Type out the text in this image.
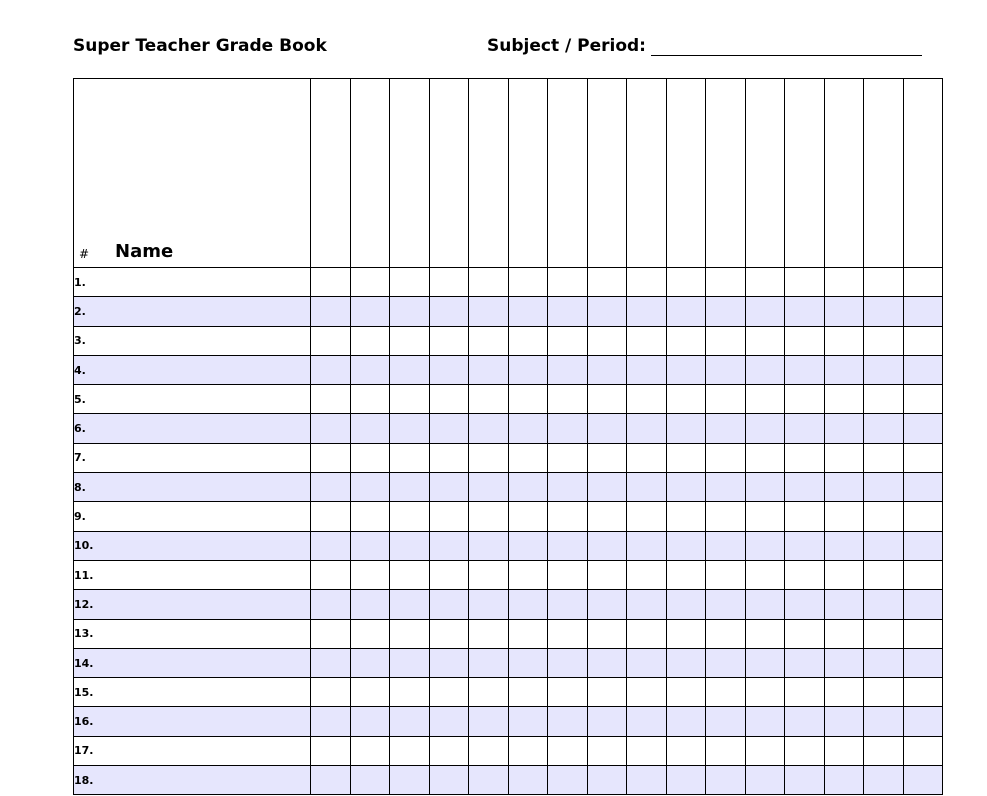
Super Teacher Grade Book	Subject / Period:
# Name																

1.																
2.																
3.																
4.																
5.																
6.																
7.																
8.																
9.																
10.																
11.																
12.																
13.																
14.																
15.																
16.																
17.																
18.																
